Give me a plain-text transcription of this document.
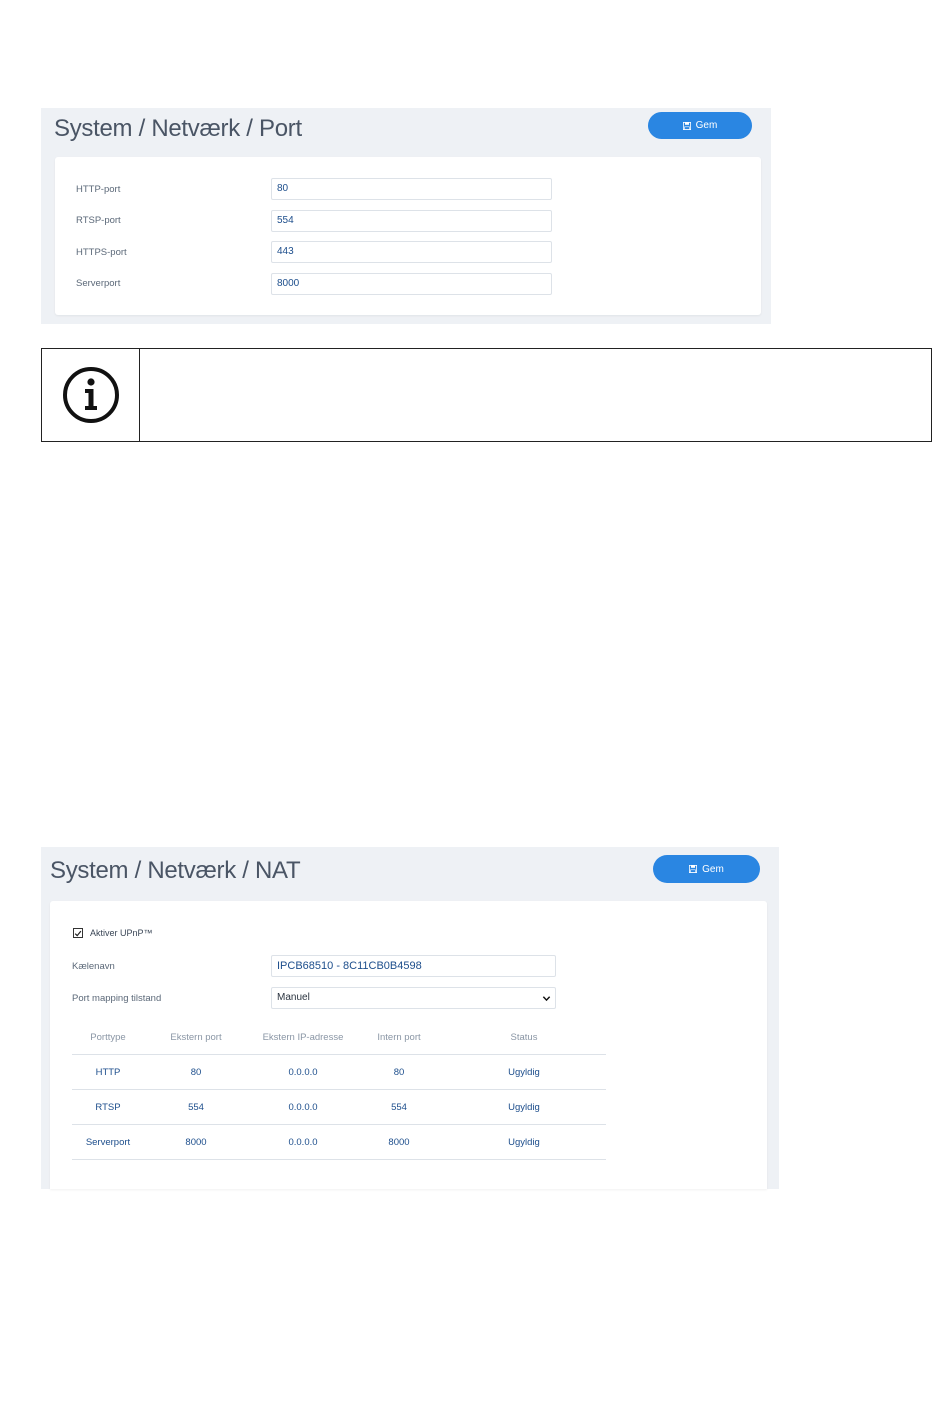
System / Netværk / Port	Gem
HTTP-port	80
RTSP-port	554
HTTPS-port	443
Serverport	8000
System / Netværk / NAT	Gem
Aktiver UPnP™
Kælenavn	IPCB68510 - 8C11CB0B4598
Port mapping tilstand	Manuel
Porttype	Ekstern port	Ekstern IP-adresse	Intern port	Status
HTTP	80	0.0.0.0	80	Ugyldig
RTSP	554	0.0.0.0	554	Ugyldig
Serverport	8000	0.0.0.0	8000	Ugyldig
